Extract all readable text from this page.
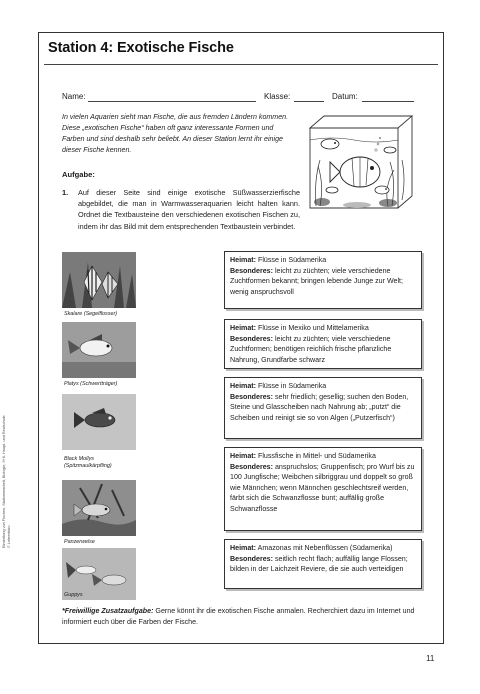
Einstellung von Fischen, Stationenarbeit, Biologie, 5+6, Haupt- und Realschule © Lehrerbüro
Station 4: Exotische Fische
Name:	Klasse:	Datum:
In vielen Aquarien sieht man Fische, die aus fremden Ländern kommen. Diese „exotischen Fische“ haben oft ganz interessante Formen und Farben und sind deshalb sehr beliebt. An dieser Station lernt ihr einige dieser Fische kennen.
Aufgabe:
1. Auf dieser Seite sind einige exotische Süßwasserzierfische abgebildet, die man in Warmwasseraquarien leicht halten kann. Ordnet die Textbausteine den verschiedenen exotischen Fischen zu, indem ihr das Bild mit dem entsprechenden Textbaustein verbindet.
Skalare (Segelflosser)
Platys (Schwertträger)
Black Mollys
(Spitzmaulkärpfling)
Panzerwelse
Guppys
Heimat: Flüsse in Südamerika
Besonderes: leicht zu züchten; viele verschiedene Zuchtformen bekannt; bringen lebende Junge zur Welt; wenig anspruchsvoll
Heimat: Flüsse in Mexiko und Mittelamerika
Besonderes: leicht zu züchten; viele verschiedene Zuchtformen; benötigen reichlich frische pflanzliche Nahrung, Grundfarbe schwarz
Heimat: Flüsse in Südamerika
Besonderes: sehr friedlich; gesellig; suchen den Boden, Steine und Glasscheiben nach Nahrung ab; „putzt“ die Scheiben und reinigt sie so von Algen („Putzerfisch“)
Heimat: Flussfische in Mittel- und Südamerika
Besonderes: anspruchslos; Gruppenfisch; pro Wurf bis zu 100 Jungfische; Weibchen silbriggrau und doppelt so groß wie Männchen; wenn Männchen geschlechtsreif werden, färbt sich die Schwanzflosse bunt; auffällig große Schwanzflosse
Heimat: Amazonas mit Nebenflüssen (Südamerika)
Besonderes: seitlich recht flach; auffällig lange Flossen; bilden in der Laichzeit Reviere, die sie auch verteidigen
*Freiwillige Zusatzaufgabe: Gerne könnt ihr die exotischen Fische anmalen. Recherchiert dazu im Internet und informiert euch über die Farben der Fische.
11
